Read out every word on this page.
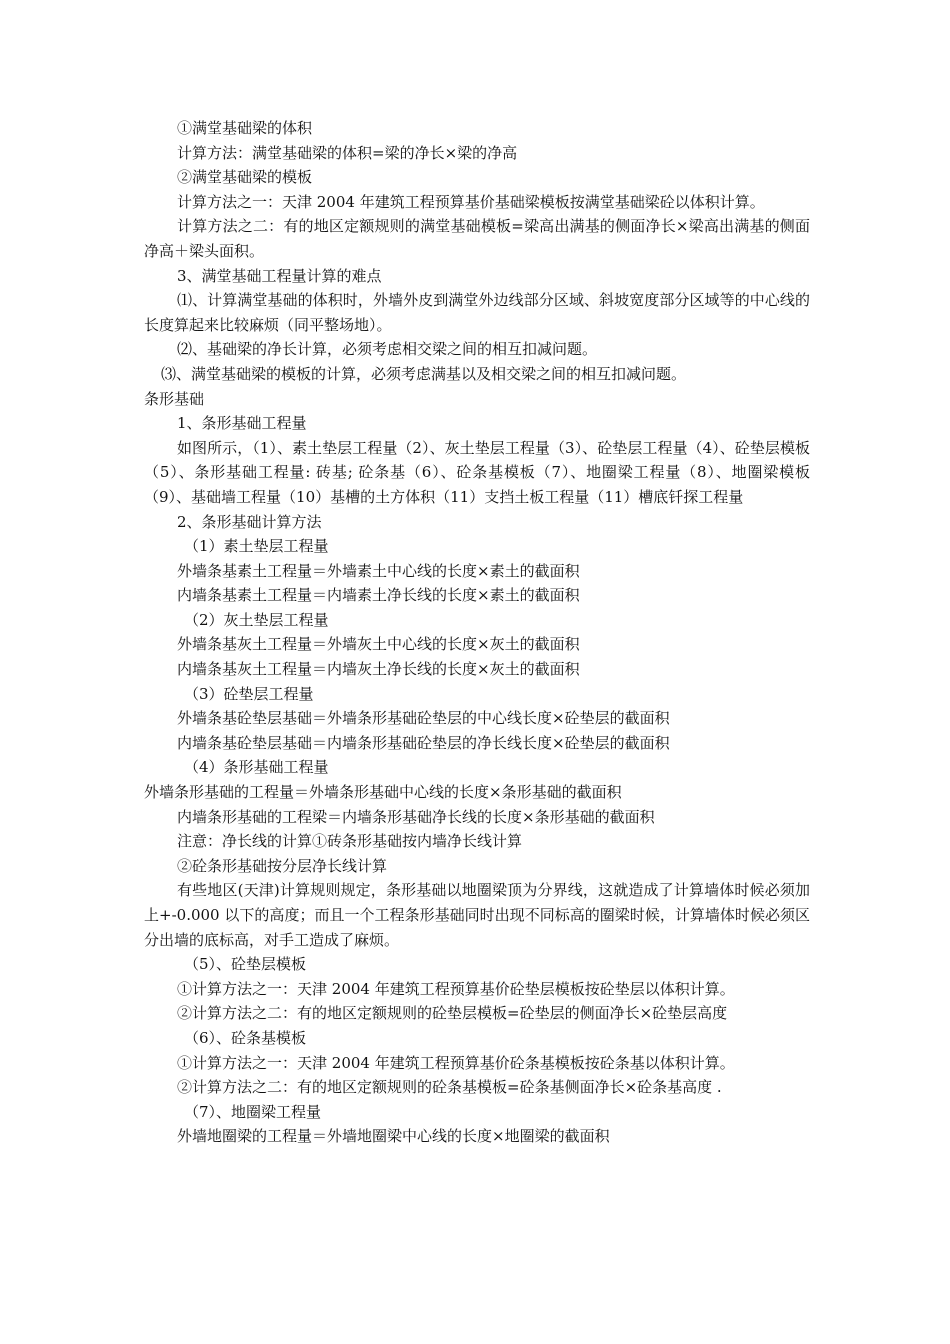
①满堂基础梁的体积

计算方法：满堂基础梁的体积=梁的净长×梁的净高

②满堂基础梁的模板

计算方法之一：天津 2004 年建筑工程预算基价基础梁模板按满堂基础梁砼以体积计算。

计算方法之二：有的地区定额规则的满堂基础模板=梁高出满基的侧面净长×梁高出满基的侧面净高＋梁头面积。

3、满堂基础工程量计算的难点

⑴、计算满堂基础的体积时，外墙外皮到满堂外边线部分区域、斜坡宽度部分区域等的中心线的长度算起来比较麻烦（同平整场地）。

⑵、基础梁的净长计算，必须考虑相交梁之间的相互扣减问题。

⑶、满堂基础梁的模板的计算，必须考虑满基以及相交梁之间的相互扣减问题。

条形基础

1、条形基础工程量

如图所示，（1）、素土垫层工程量（2）、灰土垫层工程量（3）、砼垫层工程量（4）、砼垫层模板（5）、条形基础工程量: 砖基; 砼条基（6）、砼条基模板（7）、地圈梁工程量（8）、地圈梁模板（9）、基础墙工程量（10）基槽的土方体积（11）支挡土板工程量（11）槽底钎探工程量

2、条形基础计算方法

（1）素土垫层工程量

外墙条基素土工程量＝外墙素土中心线的长度×素土的截面积

内墙条基素土工程量＝内墙素土净长线的长度×素土的截面积

（2）灰土垫层工程量

外墙条基灰土工程量＝外墙灰土中心线的长度×灰土的截面积

内墙条基灰土工程量＝内墙灰土净长线的长度×灰土的截面积

（3）砼垫层工程量

外墙条基砼垫层基础＝外墙条形基础砼垫层的中心线长度×砼垫层的截面积

内墙条基砼垫层基础＝内墙条形基础砼垫层的净长线长度×砼垫层的截面积

（4）条形基础工程量

外墙条形基础的工程量＝外墙条形基础中心线的长度×条形基础的截面积

内墙条形基础的工程梁＝内墙条形基础净长线的长度×条形基础的截面积

注意：净长线的计算①砖条形基础按内墙净长线计算

②砼条形基础按分层净长线计算

有些地区(天津)计算规则规定，条形基础以地圈梁顶为分界线，这就造成了计算墙体时候必须加上+-0.000 以下的高度；而且一个工程条形基础同时出现不同标高的圈梁时候，计算墙体时候必须区分出墙的底标高，对手工造成了麻烦。

（5）、砼垫层模板

①计算方法之一：天津 2004 年建筑工程预算基价砼垫层模板按砼垫层以体积计算。

②计算方法之二：有的地区定额规则的砼垫层模板=砼垫层的侧面净长×砼垫层高度

（6）、砼条基模板

①计算方法之一：天津 2004 年建筑工程预算基价砼条基模板按砼条基以体积计算。

②计算方法之二：有的地区定额规则的砼条基模板=砼条基侧面净长×砼条基高度 .

（7）、地圈梁工程量

外墙地圈梁的工程量＝外墙地圈梁中心线的长度×地圈梁的截面积
